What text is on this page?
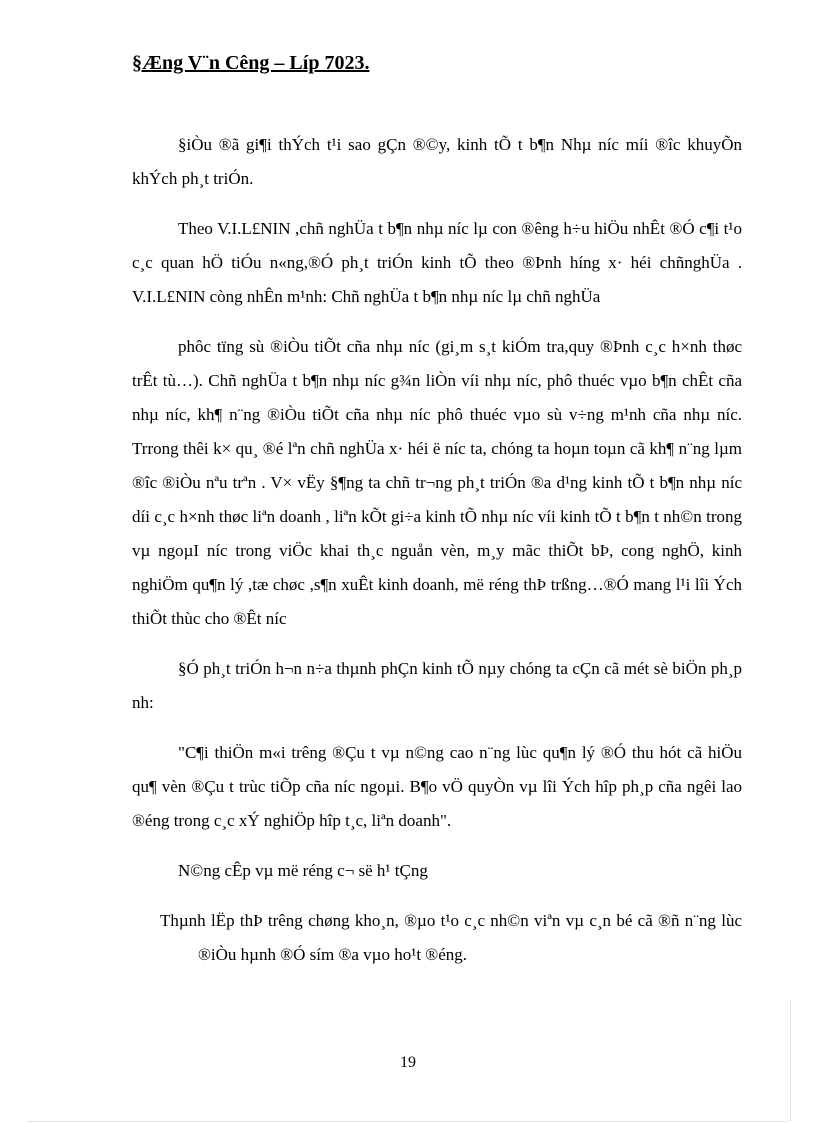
§Æng V¨n Cêng – Líp 7023.

§iÒu ®ã gi¶i thÝch t¹i sao gÇn ®©y, kinh tÕ t b¶n Nhµ níc míi ®îc khuyÕn khÝch ph¸t triÓn.

Theo V.I.L£NIN ,chñ nghÜa t b¶n nhµ níc lµ con ®êng h÷u hiÖu nhÊt ®Ó c¶i t¹o c¸c quan hÖ tiÓu n«ng,®Ó ph¸t triÓn kinh tÕ theo ®Þnh híng x· héi chñnghÜa . V.I.L£NIN còng nhÊn m¹nh: Chñ nghÜa t b¶n nhµ níc lµ chñ nghÜa

phôc tïng sù ®iÒu tiÕt cña nhµ níc (gi¸m s¸t kiÓm tra,quy ®Þnh c¸c h×nh thøc trÊt tù…). Chñ nghÜa t b¶n nhµ níc g¾n liÒn víi nhµ níc, phô thuéc vµo b¶n chÊt cña nhµ níc, kh¶ n¨ng ®iÒu tiÕt cña nhµ níc phô thuéc vµo sù v÷ng m¹nh cña nhµ níc. Trrong thêi k× qu¸ ®é lªn chñ nghÜa x· héi ë níc ta, chóng ta hoµn toµn cã kh¶ n¨ng lµm ®îc ®iÒu nªu trªn . V× vËy §¶ng ta chñ tr¬ng ph¸t triÓn ®a d¹ng kinh tÕ t b¶n nhµ níc díi c¸c h×nh thøc liªn doanh , liªn kÕt gi÷a kinh tÕ nhµ níc víi kinh tÕ t b¶n t nh©n trong vµ ngoµI níc trong viÖc khai th¸c nguån vèn, m¸y mãc thiÕt bÞ, cong nghÖ, kinh nghiÖm qu¶n lý ,tæ chøc ,s¶n xuÊt kinh doanh, më réng thÞ trßng…®Ó mang l¹i lîi Ých thiÕt thùc cho ®Êt níc

§Ó ph¸t triÓn h¬n n÷a thµnh phÇn kinh tÕ nµy chóng ta cÇn cã mét sè biÖn ph¸p nh:

"C¶i thiÖn m«i trêng ®Çu t vµ n©ng cao n¨ng lùc qu¶n lý ®Ó thu hót cã hiÖu qu¶ vèn ®Çu t trùc tiÕp cña níc ngoµi. B¶o vÖ quyÒn vµ lîi Ých hîp ph¸p cña ngêi lao ®éng trong c¸c xÝ nghiÖp hîp t¸c, liªn doanh".

N©ng cÊp vµ më réng c¬ së h¹ tÇng

Thµnh lËp thÞ trêng chøng kho¸n, ®µo t¹o c¸c nh©n viªn vµ c¸n bé cã ®ñ n¨ng lùc ®iÒu hµnh ®Ó sím ®a vµo ho¹t ®éng.

19
